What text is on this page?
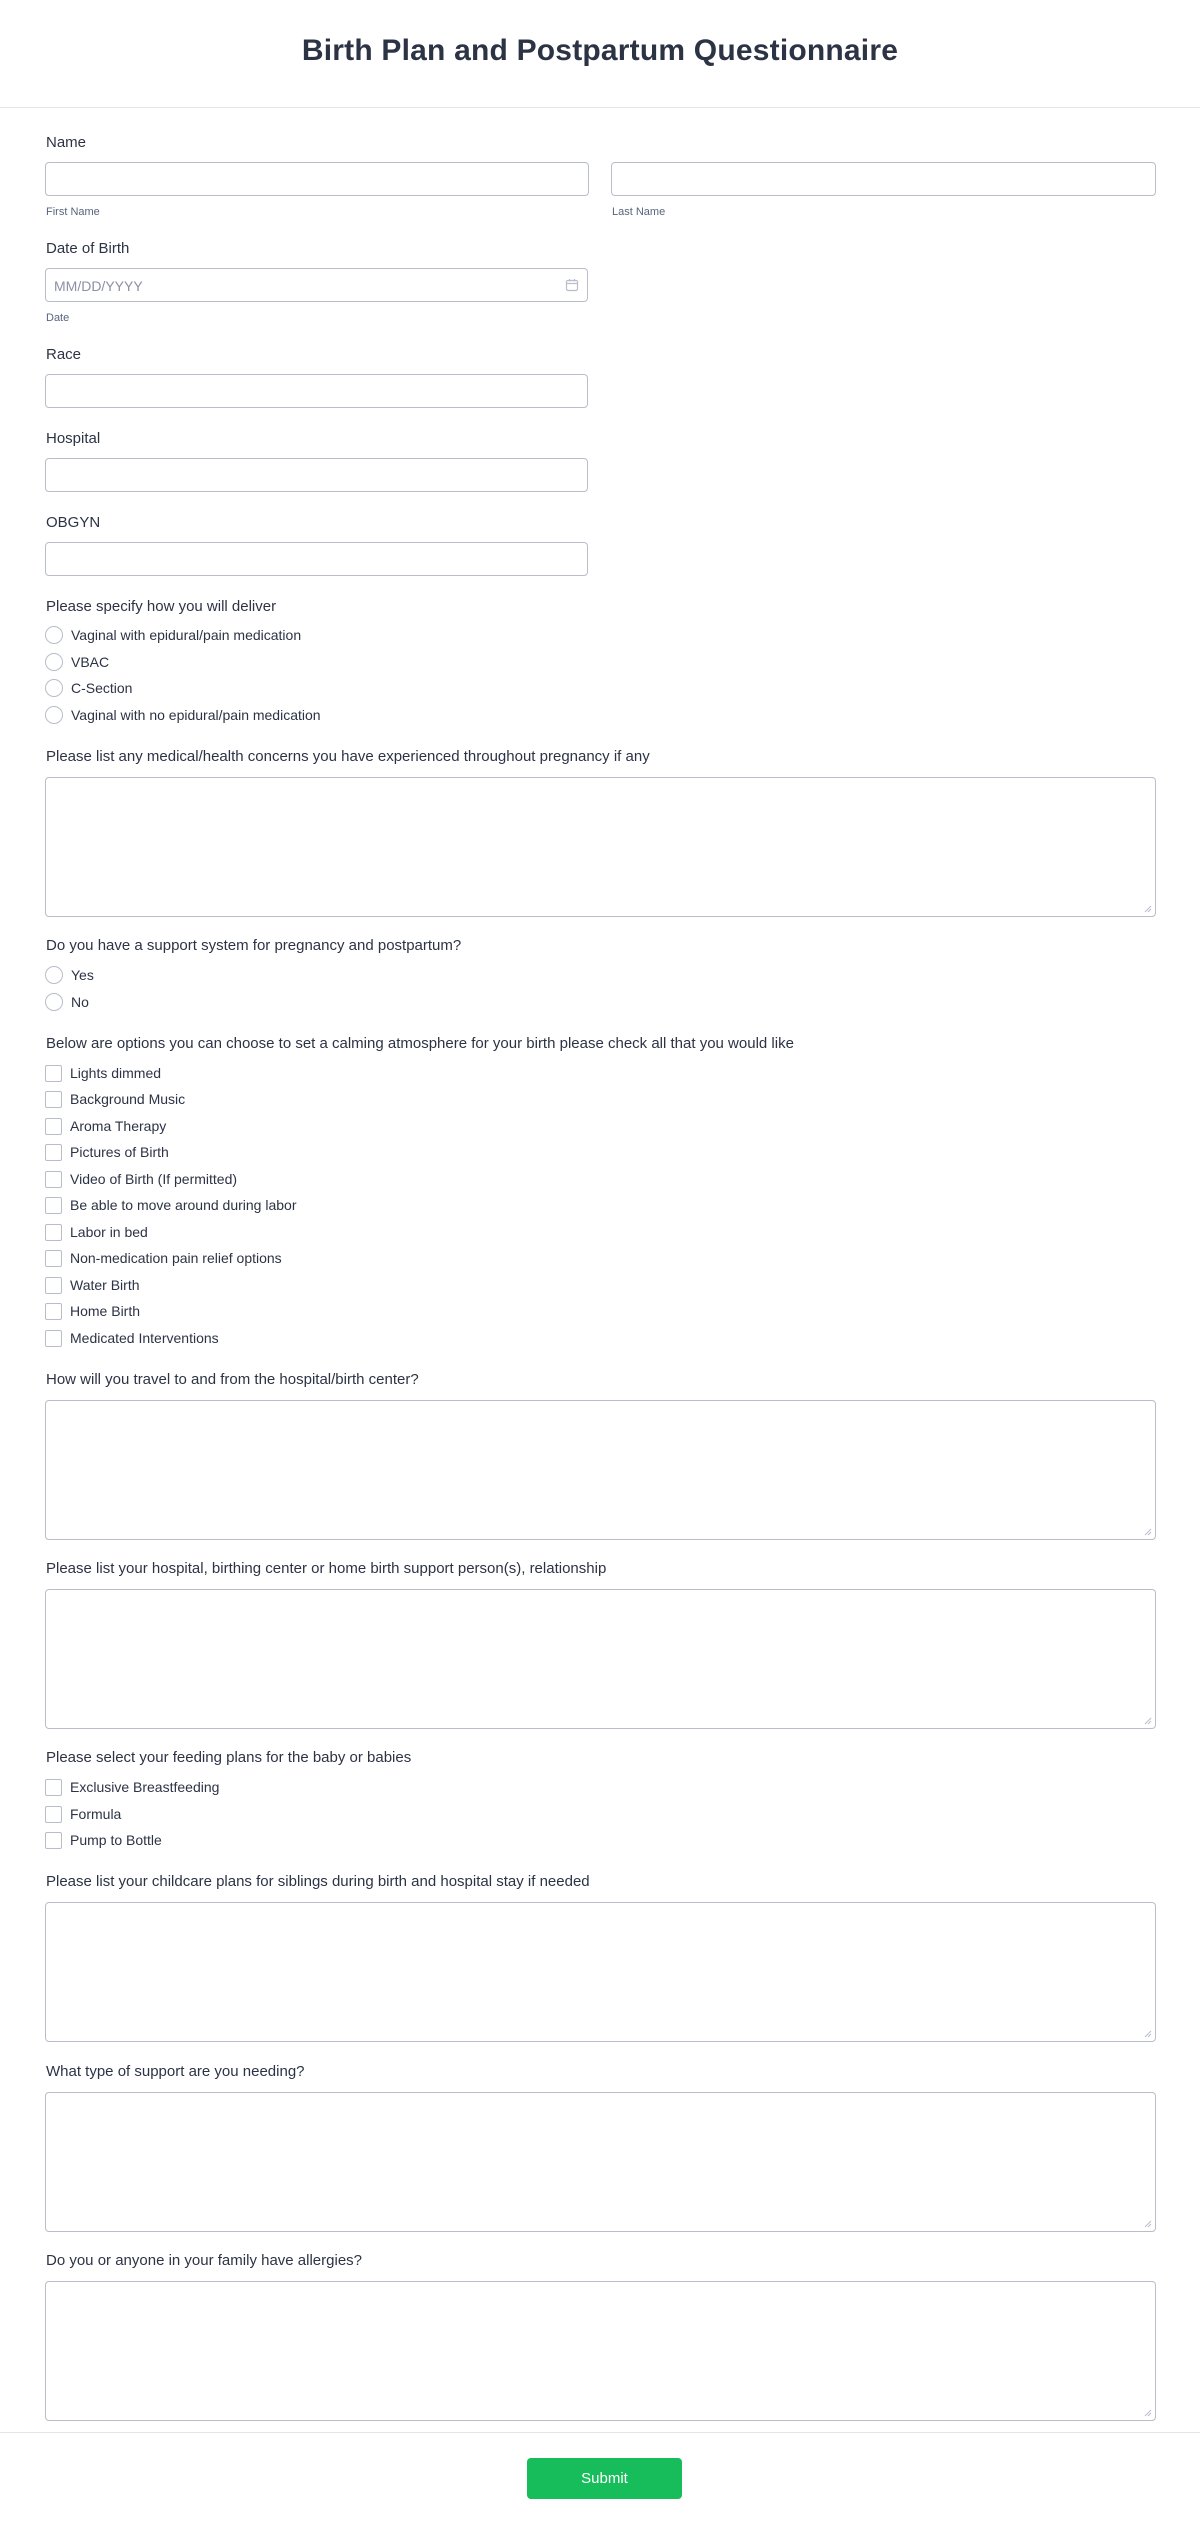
Birth Plan and Postpartum Questionnaire
Name
First Name	Last Name
Date of Birth
MM/DD/YYYY
Date
Race
Hospital
OBGYN
Please specify how you will deliver
Vaginal with epidural/pain medication
VBAC
C-Section
Vaginal with no epidural/pain medication
Please list any medical/health concerns you have experienced throughout pregnancy if any
Do you have a support system for pregnancy and postpartum?
Yes
No
Below are options you can choose to set a calming atmosphere for your birth please check all that you would like
Lights dimmed
Background Music
Aroma Therapy
Pictures of Birth
Video of Birth (If permitted)
Be able to move around during labor
Labor in bed
Non-medication pain relief options
Water Birth
Home Birth
Medicated Interventions
How will you travel to and from the hospital/birth center?
Please list your hospital, birthing center or home birth support person(s), relationship
Please select your feeding plans for the baby or babies
Exclusive Breastfeeding
Formula
Pump to Bottle
Please list your childcare plans for siblings during birth and hospital stay if needed
What type of support are you needing?
Do you or anyone in your family have allergies?
Submit
